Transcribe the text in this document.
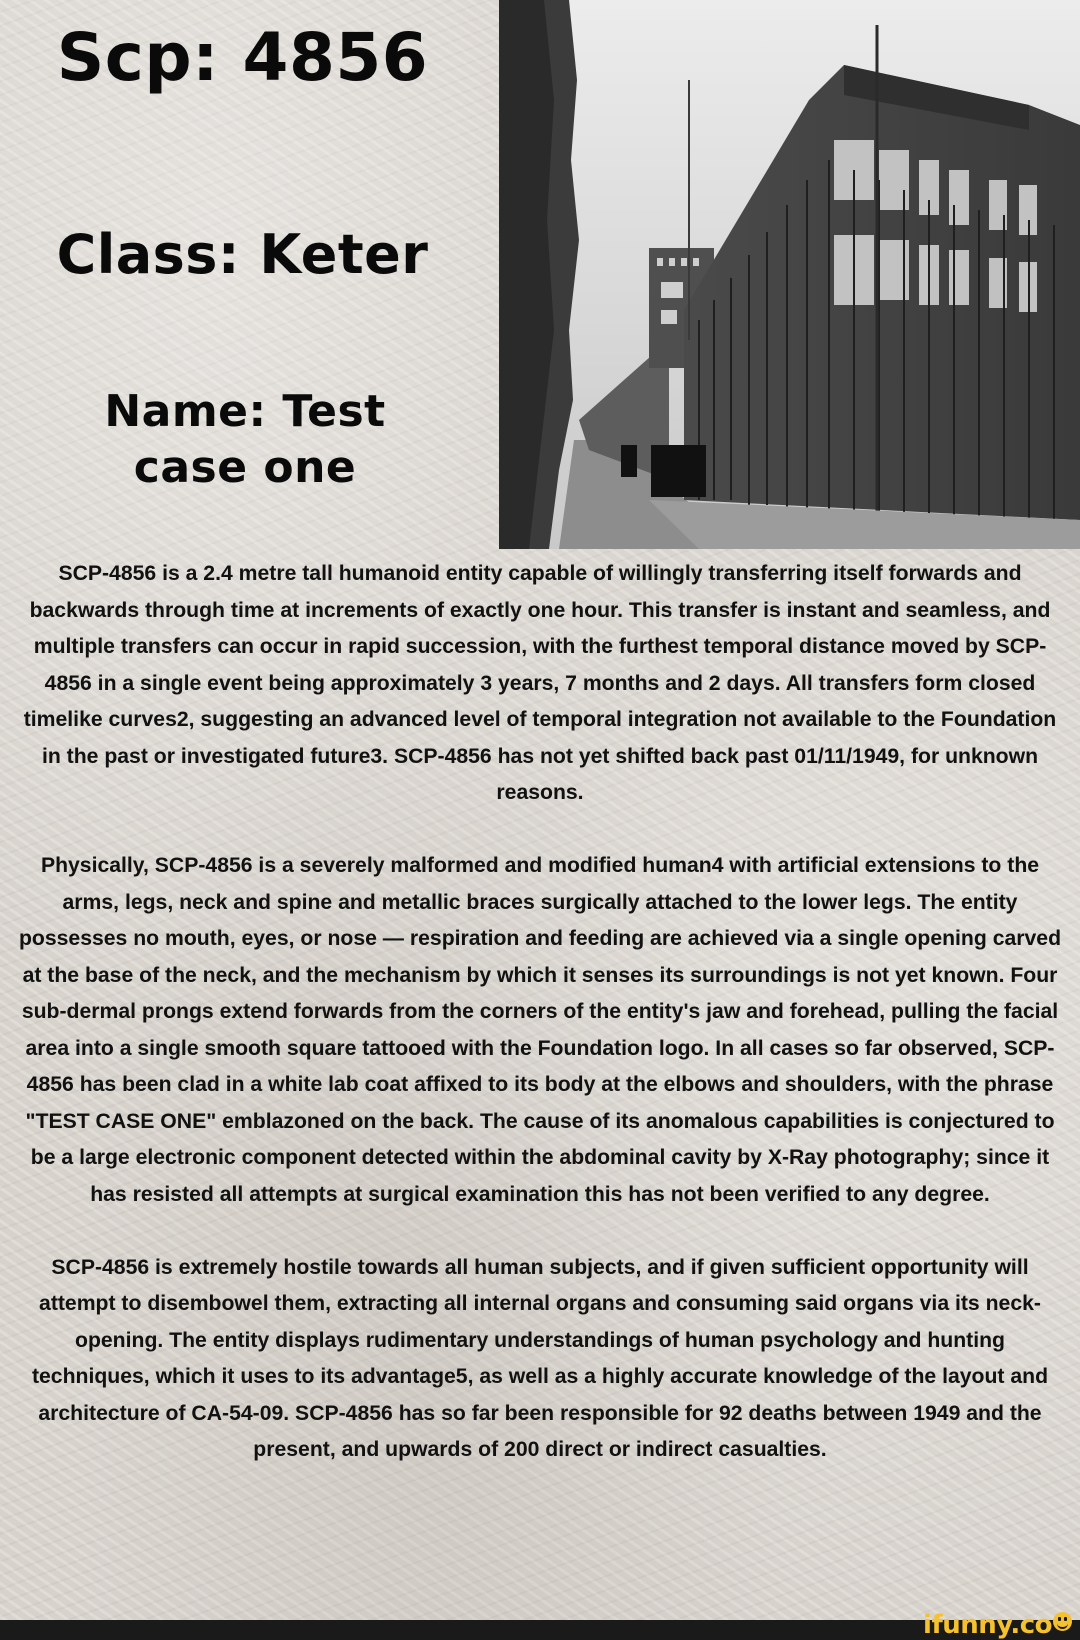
Scp: 4856
Class: Keter
Name: Test
case one

SCP-4856 is a 2.4 metre tall humanoid entity capable of willingly transferring itself forwards and backwards through time at increments of exactly one hour. This transfer is instant and seamless, and multiple transfers can occur in rapid succession, with the furthest temporal distance moved by SCP-4856 in a single event being approximately 3 years, 7 months and 2 days. All transfers form closed timelike curves2, suggesting an advanced level of temporal integration not available to the Foundation in the past or investigated future3. SCP-4856 has not yet shifted back past 01/11/1949, for unknown reasons.

Physically, SCP-4856 is a severely malformed and modified human4 with artificial extensions to the arms, legs, neck and spine and metallic braces surgically attached to the lower legs. The entity possesses no mouth, eyes, or nose — respiration and feeding are achieved via a single opening carved at the base of the neck, and the mechanism by which it senses its surroundings is not yet known. Four sub-dermal prongs extend forwards from the corners of the entity's jaw and forehead, pulling the facial area into a single smooth square tattooed with the Foundation logo. In all cases so far observed, SCP-4856 has been clad in a white lab coat affixed to its body at the elbows and shoulders, with the phrase "TEST CASE ONE" emblazoned on the back. The cause of its anomalous capabilities is conjectured to be a large electronic component detected within the abdominal cavity by X-Ray photography; since it has resisted all attempts at surgical examination this has not been verified to any degree.

SCP-4856 is extremely hostile towards all human subjects, and if given sufficient opportunity will attempt to disembowel them, extracting all internal organs and consuming said organs via its neck-opening. The entity displays rudimentary understandings of human psychology and hunting techniques, which it uses to its advantage5, as well as a highly accurate knowledge of the layout and architecture of CA-54-09. SCP-4856 has so far been responsible for 92 deaths between 1949 and the present, and upwards of 200 direct or indirect casualties.

ifunny.co
